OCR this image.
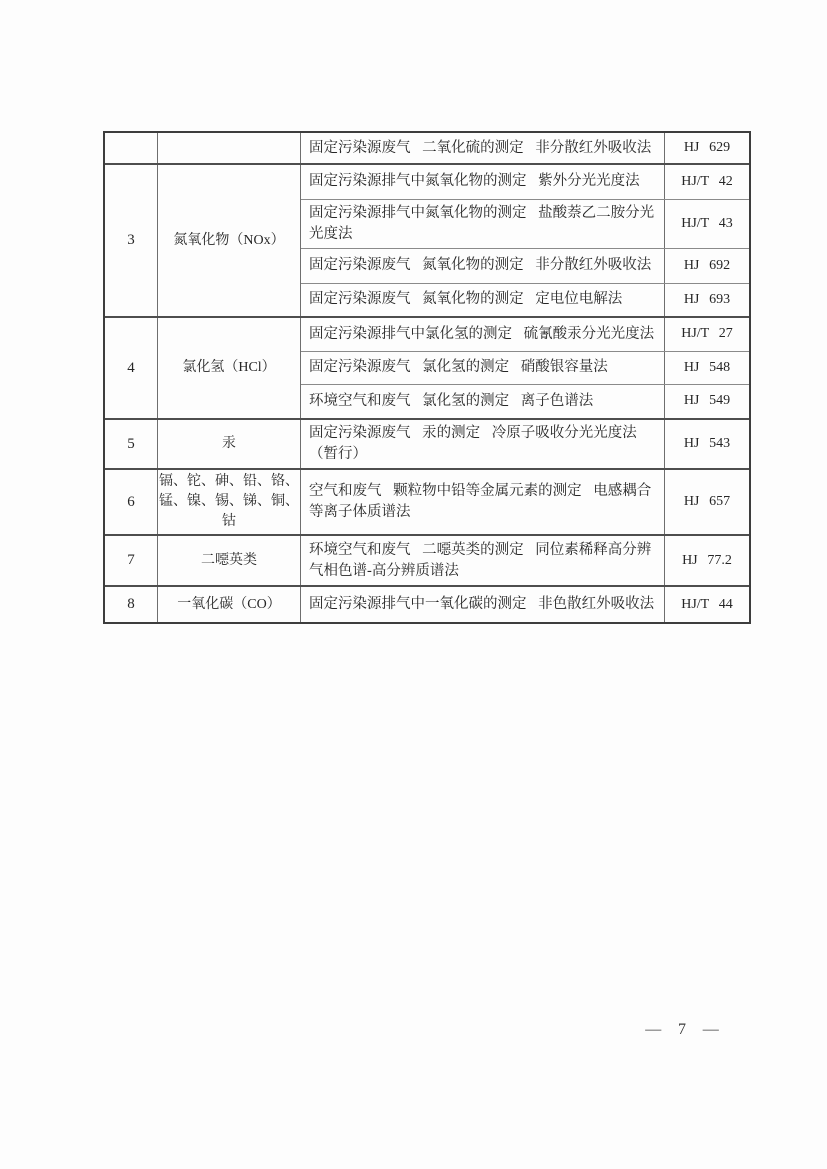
		固定污染源废气 二氧化硫的测定 非分散红外吸收法	HJ 629
3	氮氧化物（NOx）	固定污染源排气中氮氧化物的测定 紫外分光光度法	HJ/T 42
		固定污染源排气中氮氧化物的测定 盐酸萘乙二胺分光光度法	HJ/T 43
		固定污染源废气 氮氧化物的测定 非分散红外吸收法	HJ 692
		固定污染源废气 氮氧化物的测定 定电位电解法	HJ 693
4	氯化氢（HCl）	固定污染源排气中氯化氢的测定 硫氰酸汞分光光度法	HJ/T 27
		固定污染源废气 氯化氢的测定 硝酸银容量法	HJ 548
		环境空气和废气 氯化氢的测定 离子色谱法	HJ 549
5	汞	固定污染源废气 汞的测定 冷原子吸收分光光度法（暂行）	HJ 543
6	镉、铊、砷、铅、铬、锰、镍、锡、锑、铜、钴	空气和废气 颗粒物中铅等金属元素的测定 电感耦合等离子体质谱法	HJ 657
7	二噁英类	环境空气和废气 二噁英类的测定 同位素稀释高分辨气相色谱-高分辨质谱法	HJ 77.2
8	一氧化碳（CO）	固定污染源排气中一氧化碳的测定 非色散红外吸收法	HJ/T 44
— 7 —
